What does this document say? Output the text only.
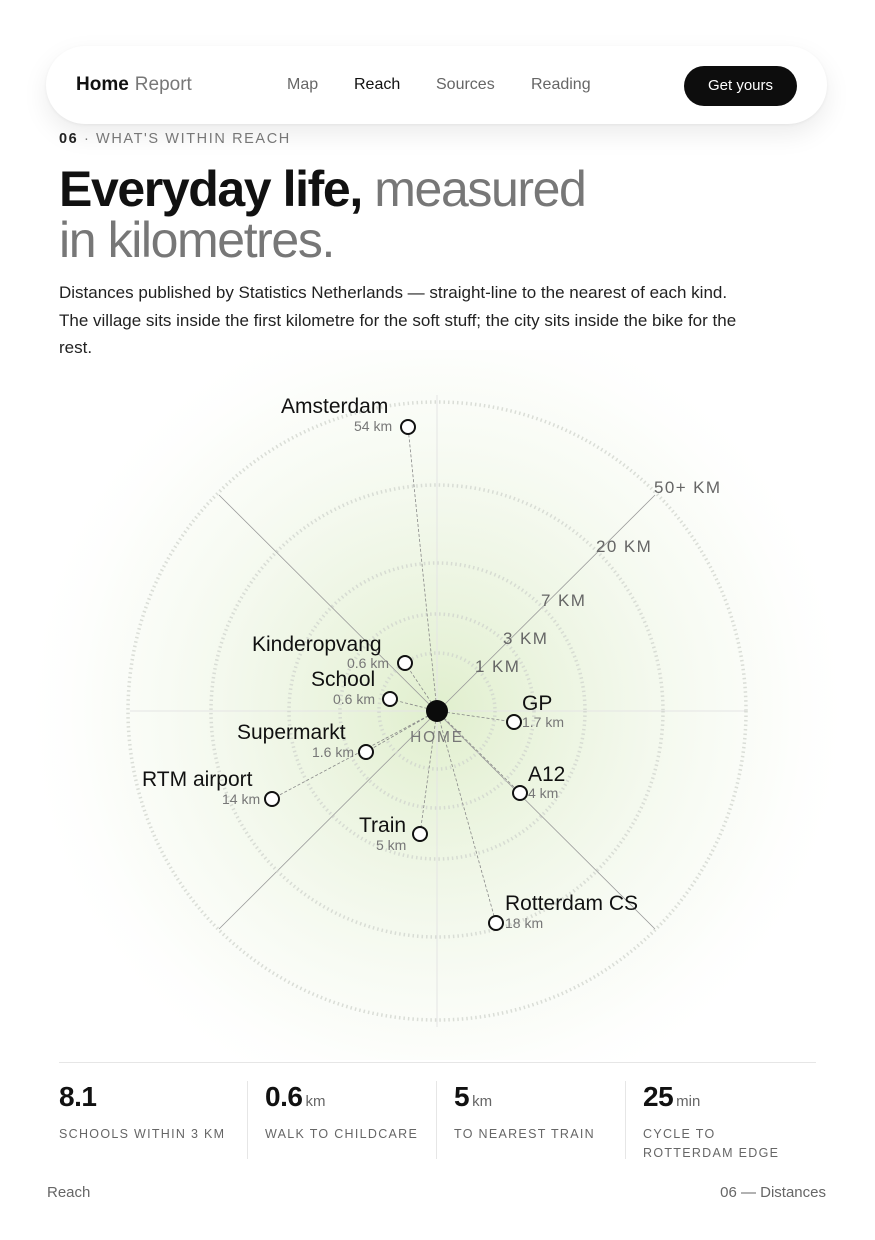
Home Report	Map Reach Sources Reading	Get yours
06 · WHAT'S WITHIN REACH
Everyday life, measured
in kilometres.

Distances published by Statistics Netherlands — straight-line to the nearest of each kind. The village sits inside the first kilometre for the soft stuff; the city sits inside the bike for the rest.

1 KM
3 KM
7 KM
20 KM
50+ KM
Amsterdam
54 km
Kinderopvang
0.6 km
School
0.6 km
Supermarkt
1.6 km
RTM airport
14 km
Train
5 km
Rotterdam CS
18 km
A12
4 km
GP
1.7 km
HOME
8.1
SCHOOLS WITHIN 3 KM
0.6 km
WALK TO CHILDCARE
5 km
TO NEAREST TRAIN
25 min
CYCLE TO
ROTTERDAM EDGE
Reach	06 — Distances
